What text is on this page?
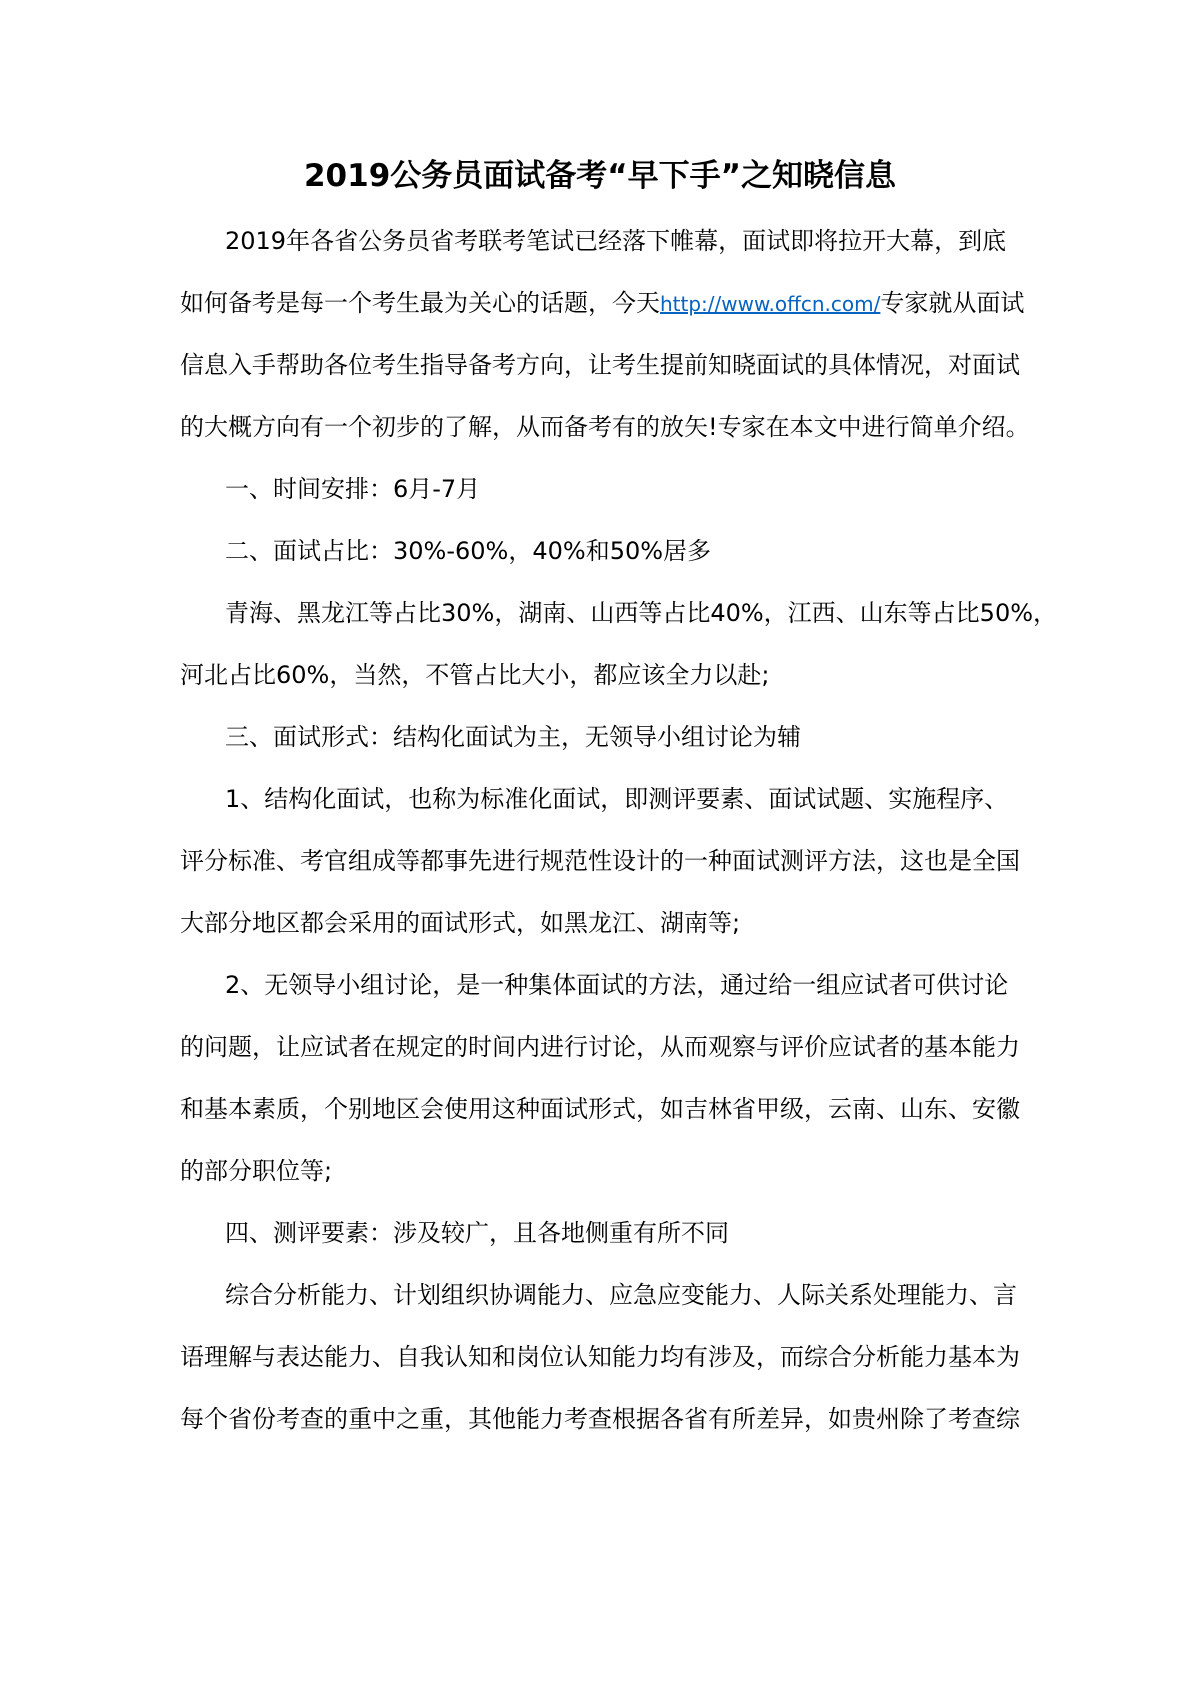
2019公务员面试备考“早下手”之知晓信息
2019年各省公务员省考联考笔试已经落下帷幕，面试即将拉开大幕，到底
如何备考是每一个考生最为关心的话题，今天http://www.offcn.com/专家就从面试
信息入手帮助各位考生指导备考方向，让考生提前知晓面试的具体情况，对面试
的大概方向有一个初步的了解，从而备考有的放矢!专家在本文中进行简单介绍。
一、时间安排：6月-7月
二、面试占比：30%-60%，40%和50%居多
青海、黑龙江等占比30%，湖南、山西等占比40%，江西、山东等占比50%，
河北占比60%，当然，不管占比大小，都应该全力以赴;
三、面试形式：结构化面试为主，无领导小组讨论为辅
1、结构化面试，也称为标准化面试，即测评要素、面试试题、实施程序、
评分标准、考官组成等都事先进行规范性设计的一种面试测评方法，这也是全国
大部分地区都会采用的面试形式，如黑龙江、湖南等;
2、无领导小组讨论，是一种集体面试的方法，通过给一组应试者可供讨论
的问题，让应试者在规定的时间内进行讨论，从而观察与评价应试者的基本能力
和基本素质，个别地区会使用这种面试形式，如吉林省甲级，云南、山东、安徽
的部分职位等;
四、测评要素：涉及较广，且各地侧重有所不同
综合分析能力、计划组织协调能力、应急应变能力、人际关系处理能力、言
语理解与表达能力、自我认知和岗位认知能力均有涉及，而综合分析能力基本为
每个省份考查的重中之重，其他能力考查根据各省有所差异，如贵州除了考查综
